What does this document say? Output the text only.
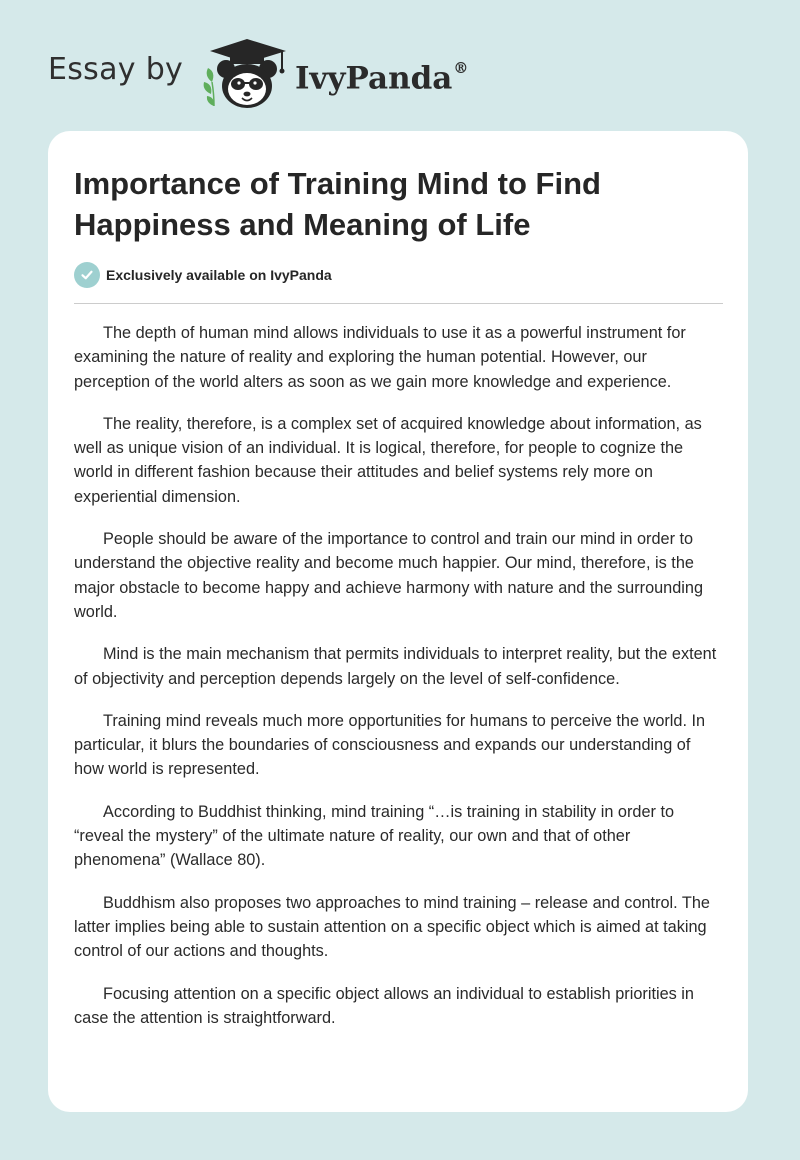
Essay by	IvyPanda®
Importance of Training Mind to Find Happiness and Meaning of Life
Exclusively available on IvyPanda

The depth of human mind allows individuals to use it as a powerful instrument for examining the nature of reality and exploring the human potential. However, our perception of the world alters as soon as we gain more knowledge and experience.

The reality, therefore, is a complex set of acquired knowledge about information, as well as unique vision of an individual. It is logical, therefore, for people to cognize the world in different fashion because their attitudes and belief systems rely more on experiential dimension.

People should be aware of the importance to control and train our mind in order to understand the objective reality and become much happier. Our mind, therefore, is the major obstacle to become happy and achieve harmony with nature and the surrounding world.

Mind is the main mechanism that permits individuals to interpret reality, but the extent of objectivity and perception depends largely on the level of self-confidence.

Training mind reveals much more opportunities for humans to perceive the world. In particular, it blurs the boundaries of consciousness and expands our understanding of how world is represented.

According to Buddhist thinking, mind training “…is training in stability in order to “reveal the mystery” of the ultimate nature of reality, our own and that of other phenomena” (Wallace 80).

Buddhism also proposes two approaches to mind training – release and control. The latter implies being able to sustain attention on a specific object which is aimed at taking control of our actions and thoughts.

Focusing attention on a specific object allows an individual to establish priorities in case the attention is straightforward.
